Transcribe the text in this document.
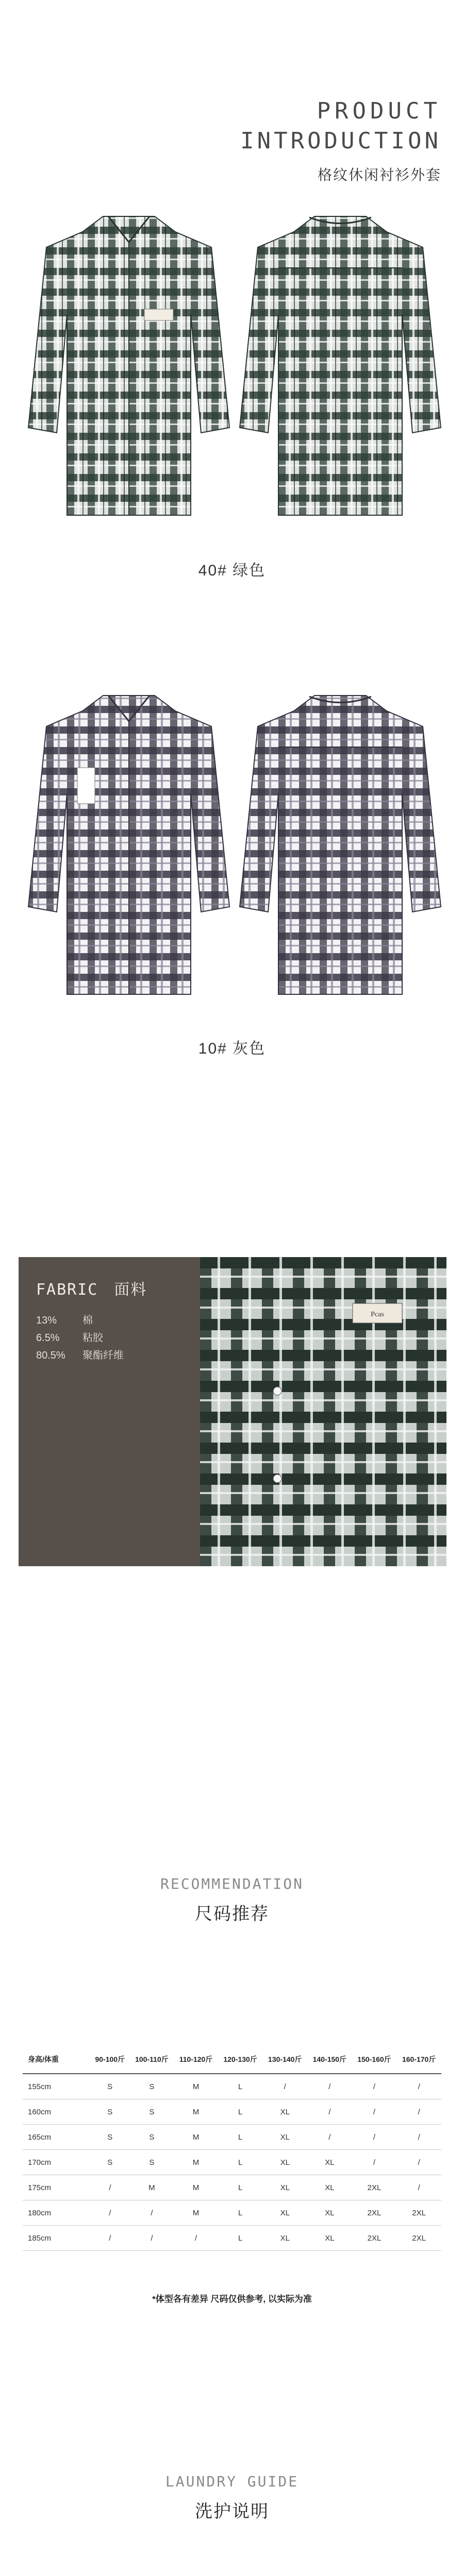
PRODUCT
INTRODUCTION
格纹休闲衬衫外套
40# 绿色
10# 灰色
FABRIC 面料
13% 棉
6.5% 粘胶
80.5% 聚酯纤维
Pcas
RECOMMENDATION
尺码推荐
身高/体重	90-100斤	100-110斤	110-120斤	120-130斤	130-140斤	140-150斤	150-160斤	160-170斤
155cm	S	S	M	L	/	/	/	/
160cm	S	S	M	L	XL	/	/	/
165cm	S	S	M	L	XL	/	/	/
170cm	S	S	M	L	XL	XL	/	/
175cm	/	M	M	L	XL	XL	2XL	/
180cm	/	/	M	L	XL	XL	2XL	2XL
185cm	/	/	/	L	XL	XL	2XL	2XL
*体型各有差异 尺码仅供参考, 以实际为准
LAUNDRY GUIDE
洗护说明
